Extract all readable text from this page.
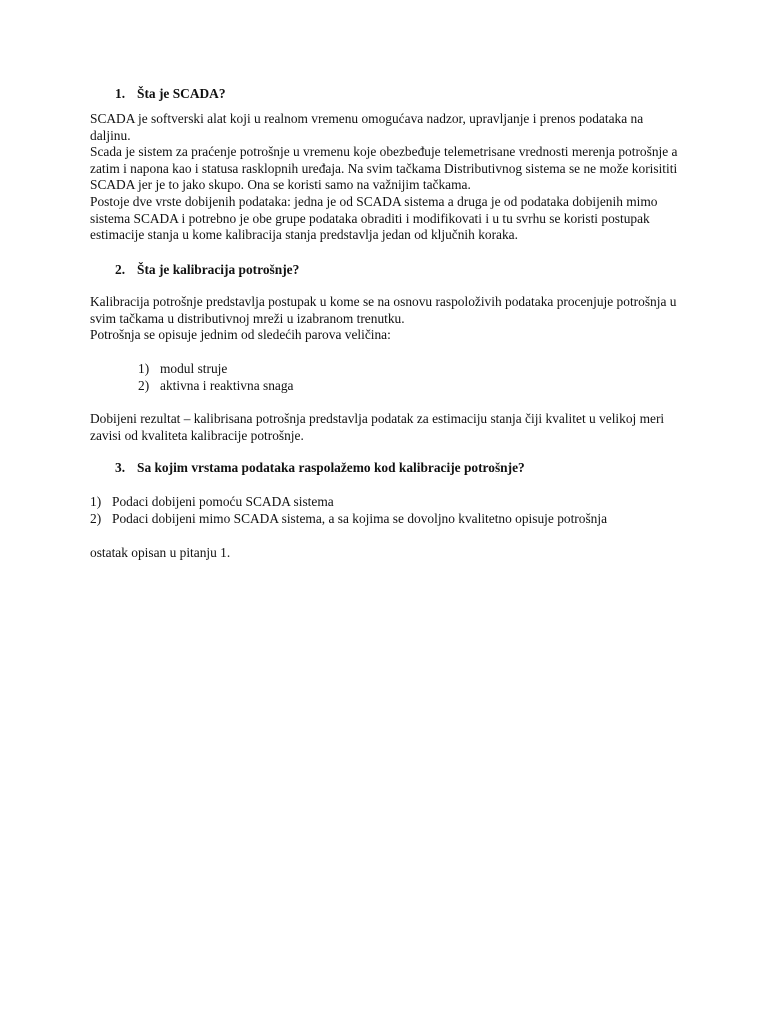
1. Šta je SCADA?

SCADA je softverski alat koji u realnom vremenu omogućava nadzor, upravljanje i prenos podataka na daljinu.

Scada je sistem za praćenje potrošnje u vremenu koje obezbeđuje telemetrisane vrednosti merenja potrošnje a zatim i napona kao i statusa rasklopnih uređaja. Na svim tačkama Distributivnog sistema se ne može korisititi SCADA jer je to jako skupo. Ona se koristi samo na važnijim tačkama.

Postoje dve vrste dobijenih podataka: jedna je od SCADA sistema a druga je od podataka dobijenih mimo sistema SCADA i potrebno je obe grupe podataka obraditi i modifikovati i u tu svrhu se koristi postupak estimacije stanja u kome kalibracija stanja predstavlja jedan od ključnih koraka.

2. Šta je kalibracija potrošnje?

Kalibracija potrošnje predstavlja postupak u kome se na osnovu raspoloživih podataka procenjuje potrošnja u svim tačkama u distributivnoj mreži u izabranom trenutku.

Potrošnja se opisuje jednim od sledećih parova veličina:

1) modul struje
2) aktivna i reaktivna snaga

Dobijeni rezultat – kalibrisana potrošnja predstavlja podatak za estimaciju stanja čiji kvalitet u velikoj meri zavisi od kvaliteta kalibracije potrošnje.

3. Sa kojim vrstama podataka raspolažemo kod kalibracije potrošnje?
1) Podaci dobijeni pomoću SCADA sistema
2) Podaci dobijeni mimo SCADA sistema, a sa kojima se dovoljno kvalitetno opisuje potrošnja

ostatak opisan u pitanju 1.
